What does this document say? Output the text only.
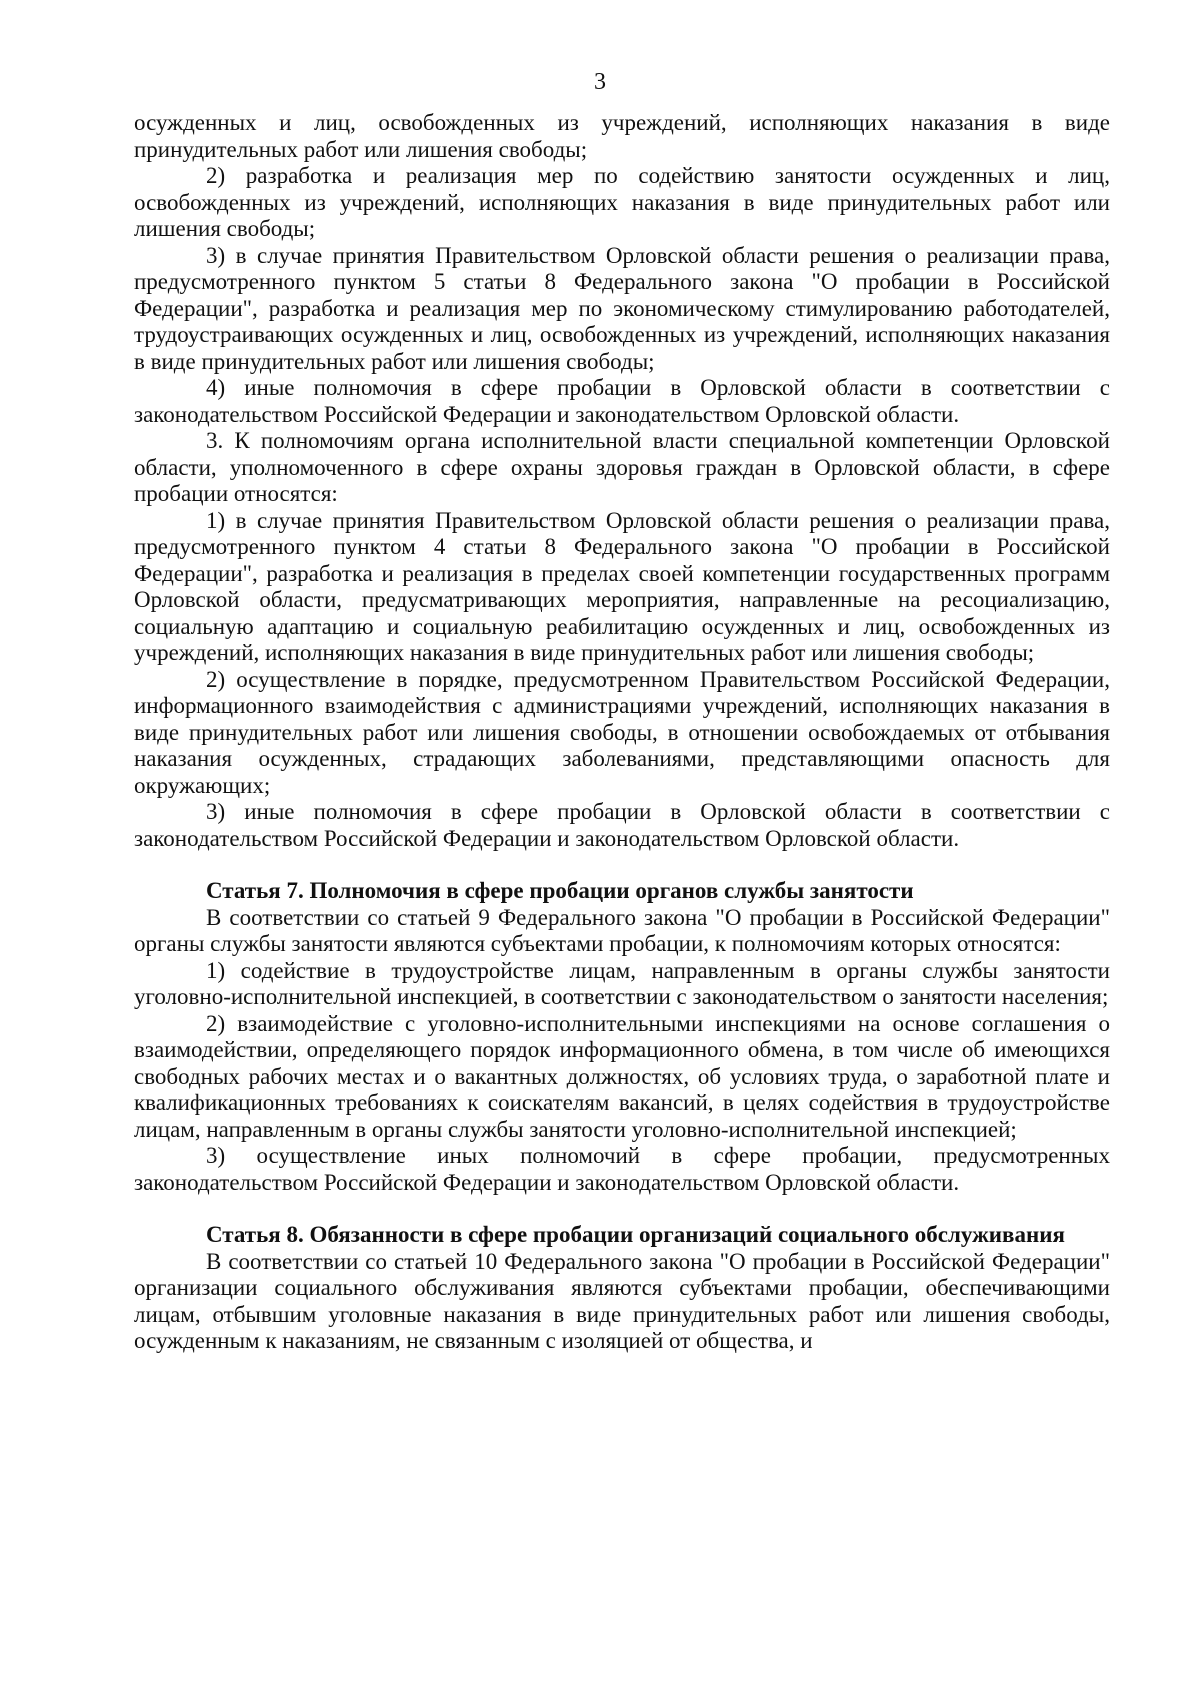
3

осужденных и лиц, освобожденных из учреждений, исполняющих наказания в виде принудительных работ или лишения свободы;

2) разработка и реализация мер по содействию занятости осужденных и лиц, освобожденных из учреждений, исполняющих наказания в виде принудительных работ или лишения свободы;

3) в случае принятия Правительством Орловской области решения о реализации права, предусмотренного пунктом 5 статьи 8 Федерального закона "О пробации в Российской Федерации", разработка и реализация мер по экономическому стимулированию работодателей, трудоустраивающих осужденных и лиц, освобожденных из учреждений, исполняющих наказания в виде принудительных работ или лишения свободы;

4) иные полномочия в сфере пробации в Орловской области в соответствии с законодательством Российской Федерации и законодательством Орловской области.

3. К полномочиям органа исполнительной власти специальной компетенции Орловской области, уполномоченного в сфере охраны здоровья граждан в Орловской области, в сфере пробации относятся:

1) в случае принятия Правительством Орловской области решения о реализации права, предусмотренного пунктом 4 статьи 8 Федерального закона "О пробации в Российской Федерации", разработка и реализация в пределах своей компетенции государственных программ Орловской области, предусматривающих мероприятия, направленные на ресоциализацию, социальную адаптацию и социальную реабилитацию осужденных и лиц, освобожденных из учреждений, исполняющих наказания в виде принудительных работ или лишения свободы;

2) осуществление в порядке, предусмотренном Правительством Российской Федерации, информационного взаимодействия с администрациями учреждений, исполняющих наказания в виде принудительных работ или лишения свободы, в отношении освобождаемых от отбывания наказания осужденных, страдающих заболеваниями, представляющими опасность для окружающих;

3) иные полномочия в сфере пробации в Орловской области в соответствии с законодательством Российской Федерации и законодательством Орловской области.

Статья 7. Полномочия в сфере пробации органов службы занятости

В соответствии со статьей 9 Федерального закона "О пробации в Российской Федерации" органы службы занятости являются субъектами пробации, к полномочиям которых относятся:

1) содействие в трудоустройстве лицам, направленным в органы службы занятости уголовно-исполнительной инспекцией, в соответствии с законодательством о занятости населения;

2) взаимодействие с уголовно-исполнительными инспекциями на основе соглашения о взаимодействии, определяющего порядок информационного обмена, в том числе об имеющихся свободных рабочих местах и о вакантных должностях, об условиях труда, о заработной плате и квалификационных требованиях к соискателям вакансий, в целях содействия в трудоустройстве лицам, направленным в органы службы занятости уголовно-исполнительной инспекцией;

3) осуществление иных полномочий в сфере пробации, предусмотренных законодательством Российской Федерации и законодательством Орловской области.

Статья 8. Обязанности в сфере пробации организаций социального обслуживания

В соответствии со статьей 10 Федерального закона "О пробации в Российской Федерации" организации социального обслуживания являются субъектами пробации, обеспечивающими лицам, отбывшим уголовные наказания в виде принудительных работ или лишения свободы, осужденным к наказаниям, не связанным с изоляцией от общества, и
